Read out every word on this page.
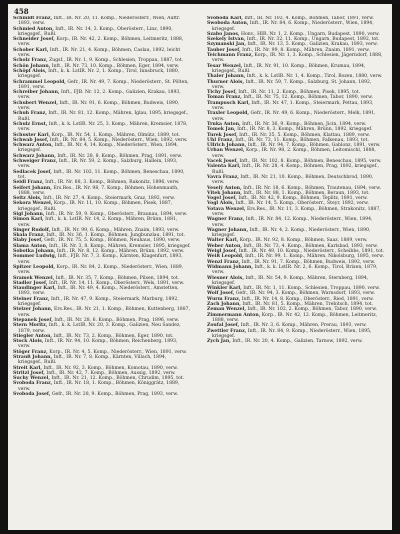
458

Schmidt Franz, Inft., IR. Nr. 20, 11. Komp., Niederösterr., Wien, Auftr. 1893, verw.

Schmied Anton, Inft., IR. Nr. 14, 3. Komp., Oberösterr., Linz, 1890, kriegsgef., Rußl.

Schneider Josef, Korp., IR. Nr. 42, 2. Komp., Böhmen, Leitmeritz, 1888, verw.

Schober Karl, Inft., IR. Nr. 21, 4. Komp., Böhmen, Caslau, 1892, leicht verw.

Scholz Franz, Zugsf., IR. Nr. 1, 9. Komp., Schlesien, Troppau, 1887, tot.

Schön Johann, Inft., IR. Nr. 73, 10. Komp., Böhmen, Eger, 1894, verw.

Schöpf Alois, Inft., k. k. LstIR. Nr. 2, 1. Komp., Tirol, Innsbruck, 1880, kriegsgef.

Schrammel Leopold, Gefr., IR. Nr. 49, 7. Komp., Niederösterr., St. Pölten, 1891, verw.

Schreiber Johann, Inft., FJB. Nr. 12, 2. Komp., Galizien, Krakau, 1893, verw.

Schubert Wenzel, Inft., IR. Nr. 91, 6. Komp., Böhmen, Budweis, 1890, verw.

Schuh Franz, Inft., IR. Nr. 81, 12. Komp., Mähren, Iglau, 1895, kriegsgef., Rußl.

Schulz Ernst, Inft., k. k. LstIR. Nr. 25, 3. Komp., Mähren, Kremsier, 1878, verw.

Schuster Karl, Korp., IR. Nr. 54, 1. Komp., Mähren, Olmütz, 1889, tot.

Schwab Josef, Inft., IR. Nr. 84, 5. Komp., Niederösterr., Wien, 1892, verw.

Schwarz Anton, Inft., IR. Nr. 4, 14. Komp., Niederösterr., Wien, 1894, kriegsgef.

Schwarz Johann, Inft., IR. Nr. 28, 8. Komp., Böhmen, Prag, 1891, verw.

Schweiger Franz, Inft., IR. Nr. 59, 2. Komp., Salzburg, Hallein, 1893, verw.

Sedlacek Josef, Inft., IR. Nr. 102, 11. Komp., Böhmen, Beneschau, 1890, tot.

Seidl Franz, Inft., IR. Nr. 88, 3. Komp., Böhmen, Rakonitz, 1896, verw.

Seifert Johann, Ers.Res., IR. Nr. 98, 7. Komp., Böhmen, Hohenmauth, 1888, verw.

Seitz Alois, Inft., IR. Nr. 27, 4. Komp., Steiermark, Graz, 1892, verw.

Sekora Wenzel, Korp., IR. Nr. 11, 10. Komp., Böhmen, Pisek, 1887, kriegsgef., Rußl.

Sigl Johann, Inft., IR. Nr. 59, 9. Komp., Oberösterr., Braunau, 1894, verw.

Simon Karl, Inft., k. k. LstIR. Nr. 14, 2. Komp., Mähren, Brünn, 1881, verw.

Singer Rudolf, Inft., IR. Nr. 99, 6. Komp., Mähren, Znaim, 1893, verw.

Skala Franz, Inft., IR. Nr. 36, 1. Komp., Böhmen, Jungbunzlau, 1891, tot.

Slaby Josef, Gefr., IR. Nr. 75, 5. Komp., Böhmen, Neuhaus, 1890, verw.

Slama Anton, Inft., IR. Nr. 3, 8. Komp., Mähren, Kremsier, 1895, kriegsgef.

Sobotka Johann, Inft., IR. Nr. 8, 12. Komp., Mähren, Brünn, 1892, verw.

Sommer Ludwig, Inft., FJB. Nr. 7, 3. Komp., Kärnten, Klagenfurt, 1893, verw.

Spitzer Leopold, Korp., IR. Nr. 84, 2. Komp., Niederösterr., Wien, 1889, verw.

Sramek Wenzel, Inft., IR. Nr. 35, 7. Komp., Böhmen, Pilsen, 1894, tot.

Stadler Josef, Inft., IR. Nr. 14, 11. Komp., Oberösterr., Wels, 1891, verw.

Staudinger Karl, Inft., IR. Nr. 49, 4. Komp., Niederösterr., Amstetten, 1893, verw.

Steiner Franz, Inft., IR. Nr. 47, 9. Komp., Steiermark, Marburg, 1892, kriegsgef.

Stelzer Johann, Ers.Res., IR. Nr. 21, 1. Komp., Böhmen, Kuttenberg, 1887, verw.

Stepanek Josef, Inft., IR. Nr. 28, 6. Komp., Böhmen, Prag, 1896, verw.

Stern Moritz, Inft., k. k. LstIR. Nr. 20, 3. Komp., Galizien, Neu Sandez, 1879, verw.

Stiegler Anton, Inft., IR. Nr. 73, 2. Komp., Böhmen, Eger, 1890, tot.

Stock Alois, Inft., IR. Nr. 94, 10. Komp., Böhmen, Reichenberg, 1893, verw.

Stöger Franz, Korp., IR. Nr. 4, 5. Komp., Niederösterr., Wien, 1891, verw.

Strauß Johann, Inft., IR. Nr. 7, 8. Komp., Kärnten, Villach, 1894, kriegsgef., Rußl.

Streit Karl, Inft., IR. Nr. 92, 3. Komp., Böhmen, Komotau, 1890, verw.

Stritzl Josef, Inft., IR. Nr. 42, 7. Komp., Böhmen, Aussig, 1892, verw.

Suchy Wenzel, Inft., IR. Nr. 21, 12. Komp., Böhmen, Chrudim, 1895, tot.

Svoboda Franz, Inft., IR. Nr. 18, 1. Komp., Böhmen, Königgrätz, 1889, verw.

Svoboda Josef, Gefr., IR. Nr. 28, 9. Komp., Böhmen, Prag, 1893, verw.

Svoboda Karl, Inft., IR. Nr. 102, 4. Komp., Böhmen, Tabor, 1891, verw.

Swoboda Anton, Inft., IR. Nr. 84, 6. Komp., Niederösterr., Wien, 1894, kriegsgef.

Szabo Janos, Honv., HIR. Nr. 1, 2. Komp., Ungarn, Budapest, 1890, verw.

Szekely Istvan, Inft., IR. Nr. 32, 11. Komp., Ungarn, Budapest, 1892, tot.

Szymanski Jan, Inft., IR. Nr. 13, 5. Komp., Galizien, Krakau, 1893, verw.

Tauber Josef, Inft., IR. Nr. 99, 8. Komp., Mähren, Znaim, 1891, verw.

Teichmann Franz, Korp., IR. Nr. 1, 3. Komp., Schlesien, Jägerndorf, 1888, verw.

Tesar Wenzel, Inft., IR. Nr. 91, 10. Komp., Böhmen, Krumau, 1894, kriegsgef., Rußl.

Thaler Johann, Inft., k. k. LstIR. Nr. 1, 4. Komp., Tirol, Bozen, 1880, verw.

Thurner Alois, Inft., IR. Nr. 59, 7. Komp., Salzburg, St. Johann, 1892, verw.

Tichy Josef, Inft., IR. Nr. 11, 2. Komp., Böhmen, Pisek, 1895, tot.

Toman Franz, Inft., IR. Nr. 75, 12. Komp., Böhmen, Tabor, 1890, verw.

Trampusch Karl, Inft., IR. Nr. 47, 1. Komp., Steiermark, Pettau, 1893, verw.

Traxler Leopold, Gefr., IR. Nr. 49, 6. Komp., Niederösterr., Melk, 1891, verw.

Trnka Anton, Inft., IR. Nr. 36, 9. Komp., Böhmen, Jicin, 1894, verw.

Tomek Jan, Inft., IR. Nr. 8, 3. Komp., Mähren, Brünn, 1892, kriegsgef.

Turek Josef, Inft., IR. Nr. 35, 5. Komp., Böhmen, Klattau, 1889, verw.

Uhl Franz, Inft., IR. Nr. 73, 11. Komp., Böhmen, Falkenau, 1893, tot.

Ullrich Johann, Inft., IR. Nr. 94, 7. Komp., Böhmen, Gablonz, 1891, verw.

Urban Wenzel, Korp., IR. Nr. 98, 2. Komp., Böhmen, Leitomischl, 1888, verw.

Vacek Josef, Inft., IR. Nr. 102, 8. Komp., Böhmen, Beneschau, 1895, verw.

Valenta Karl, Inft., IR. Nr. 28, 4. Komp., Böhmen, Prag, 1892, kriegsgef., Rußl.

Vavra Franz, Inft., IR. Nr. 21, 10. Komp., Böhmen, Deutschbrod, 1890, verw.

Veselý Anton, Inft., IR. Nr. 18, 6. Komp., Böhmen, Trautenau, 1894, verw.

Vitek Johann, Inft., IR. Nr. 88, 1. Komp., Böhmen, Beraun, 1893, tot.

Vogel Josef, Inft., IR. Nr. 42, 9. Komp., Böhmen, Teplitz, 1891, verw.

Vogl Alois, Inft., IR. Nr. 14, 5. Komp., Oberösterr., Steyr, 1892, verw.

Votava Wenzel, Ers.Res., IR. Nr. 11, 3. Komp., Böhmen, Strakonitz, 1887, verw.

Wagner Franz, Inft., IR. Nr. 84, 12. Komp., Niederösterr., Wien, 1894, verw.

Wagner Johann, Inft., IR. Nr. 4, 2. Komp., Niederösterr., Wien, 1890, kriegsgef.

Walter Karl, Korp., IR. Nr. 92, 8. Komp., Böhmen, Saaz, 1889, verw.

Weber Anton, Inft., IR. Nr. 73, 4. Komp., Böhmen, Karlsbad, 1893, verw.

Weigl Josef, Inft., IR. Nr. 49, 10. Komp., Niederösterr., Scheibbs, 1891, tot.

Weiß Leopold, Inft., IR. Nr. 99, 1. Komp., Mähren, Nikolsburg, 1895, verw.

Wenzl Franz, Inft., IR. Nr. 91, 7. Komp., Böhmen, Budweis, 1892, verw.

Widmann Johann, Inft., k. k. LstIR. Nr. 2, 6. Komp., Tirol, Brixen, 1879, verw.

Wiesner Alois, Inft., IR. Nr. 54, 9. Komp., Mähren, Sternberg, 1894, kriegsgef.

Winkler Karl, Inft., IR. Nr. 1, 11. Komp., Schlesien, Troppau, 1890, verw.

Wolf Josef, Gefr., IR. Nr. 94, 3. Komp., Böhmen, Warnsdorf, 1893, verw.

Wurm Franz, Inft., IR. Nr. 14, 8. Komp., Oberösterr., Ried, 1891, verw.

Zach Johann, Inft., IR. Nr. 81, 5. Komp., Mähren, Trebitsch, 1894, tot.

Zeman Wenzel, Inft., IR. Nr. 102, 2. Komp., Böhmen, Tabor, 1890, verw.

Zimmermann Anton, Korp., IR. Nr. 42, 12. Komp., Böhmen, Leitmeritz, 1888, verw.

Zoufal Josef, Inft., IR. Nr. 3, 6. Komp., Mähren, Prerau, 1893, verw.

Zwettler Franz, Inft., IR. Nr. 84, 9. Komp., Niederösterr., Wien, 1895, kriegsgef.

Zych Jan, Inft., IR. Nr. 20, 4. Komp., Galizien, Tarnow, 1892, verw.
